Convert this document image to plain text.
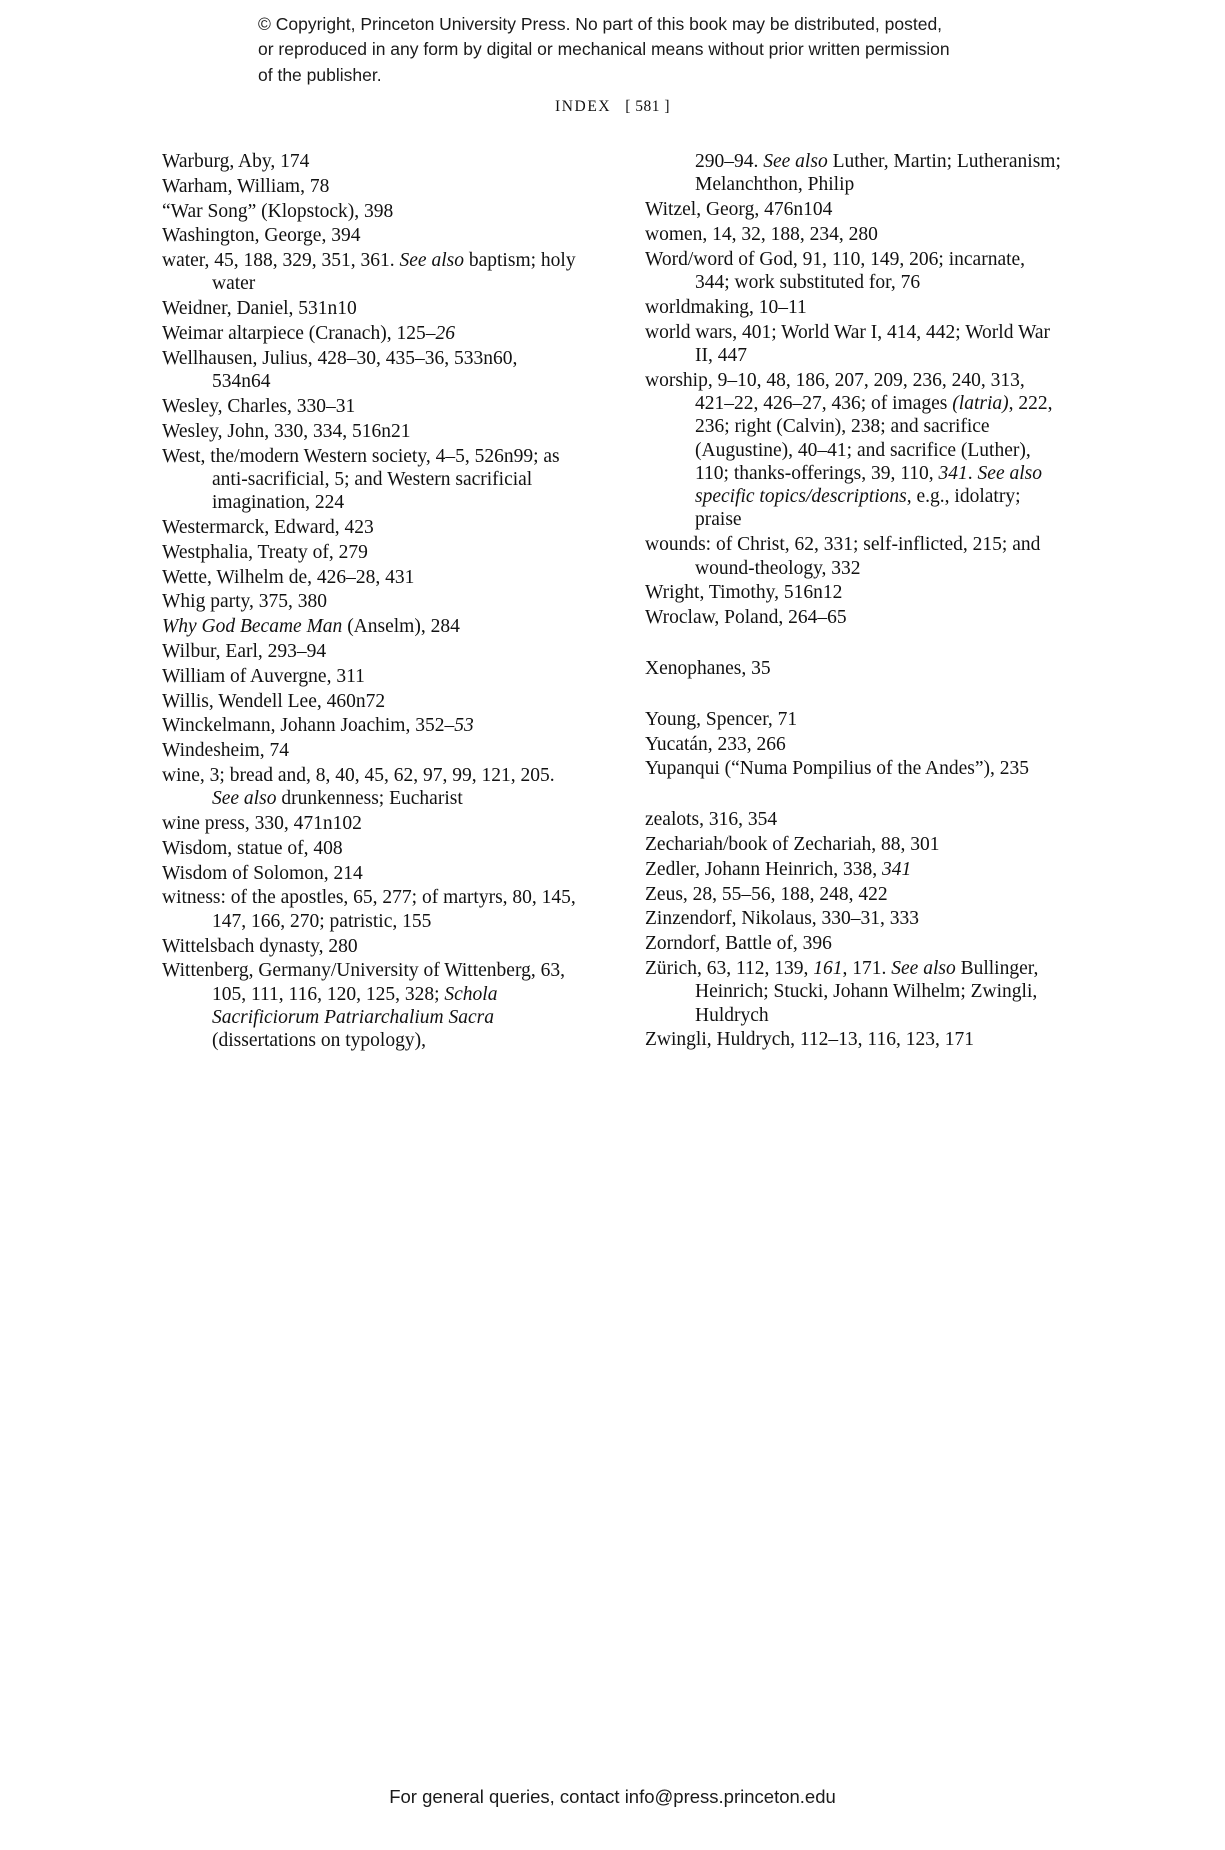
© Copyright, Princeton University Press. No part of this book may be distributed, posted, or reproduced in any form by digital or mechanical means without prior written permission of the publisher.
INDEX [ 581 ]
Warburg, Aby, 174
Warham, William, 78
“War Song” (Klopstock), 398
Washington, George, 394
water, 45, 188, 329, 351, 361. See also baptism; holy water
Weidner, Daniel, 531n10
Weimar altarpiece (Cranach), 125–26
Wellhausen, Julius, 428–30, 435–36, 533n60, 534n64
Wesley, Charles, 330–31
Wesley, John, 330, 334, 516n21
West, the/modern Western society, 4–5, 526n99; as anti-sacrificial, 5; and Western sacrificial imagination, 224
Westermarck, Edward, 423
Westphalia, Treaty of, 279
Wette, Wilhelm de, 426–28, 431
Whig party, 375, 380
Why God Became Man (Anselm), 284
Wilbur, Earl, 293–94
William of Auvergne, 311
Willis, Wendell Lee, 460n72
Winckelmann, Johann Joachim, 352–53
Windesheim, 74
wine, 3; bread and, 8, 40, 45, 62, 97, 99, 121, 205. See also drunkenness; Eucharist
wine press, 330, 471n102
Wisdom, statue of, 408
Wisdom of Solomon, 214
witness: of the apostles, 65, 277; of martyrs, 80, 145, 147, 166, 270; patristic, 155
Wittelsbach dynasty, 280
Wittenberg, Germany/University of Wittenberg, 63, 105, 111, 116, 120, 125, 328; Schola Sacrificiorum Patriarchalium Sacra (dissertations on typology),
290–94. See also Luther, Martin; Lutheranism; Melanchthon, Philip
Witzel, Georg, 476n104
women, 14, 32, 188, 234, 280
Word/word of God, 91, 110, 149, 206; incarnate, 344; work substituted for, 76
worldmaking, 10–11
world wars, 401; World War I, 414, 442; World War II, 447
worship, 9–10, 48, 186, 207, 209, 236, 240, 313, 421–22, 426–27, 436; of images (latria), 222, 236; right (Calvin), 238; and sacrifice (Augustine), 40–41; and sacrifice (Luther), 110; thanks-offerings, 39, 110, 341. See also specific topics/descriptions, e.g., idolatry; praise
wounds: of Christ, 62, 331; self-inflicted, 215; and wound-theology, 332
Wright, Timothy, 516n12
Wroclaw, Poland, 264–65
Xenophanes, 35
Young, Spencer, 71
Yucatán, 233, 266
Yupanqui (“Numa Pompilius of the Andes”), 235
zealots, 316, 354
Zechariah/book of Zechariah, 88, 301
Zedler, Johann Heinrich, 338, 341
Zeus, 28, 55–56, 188, 248, 422
Zinzendorf, Nikolaus, 330–31, 333
Zorndorf, Battle of, 396
Zürich, 63, 112, 139, 161, 171. See also Bullinger, Heinrich; Stucki, Johann Wilhelm; Zwingli, Huldrych
Zwingli, Huldrych, 112–13, 116, 123, 171
For general queries, contact info@press.princeton.edu
